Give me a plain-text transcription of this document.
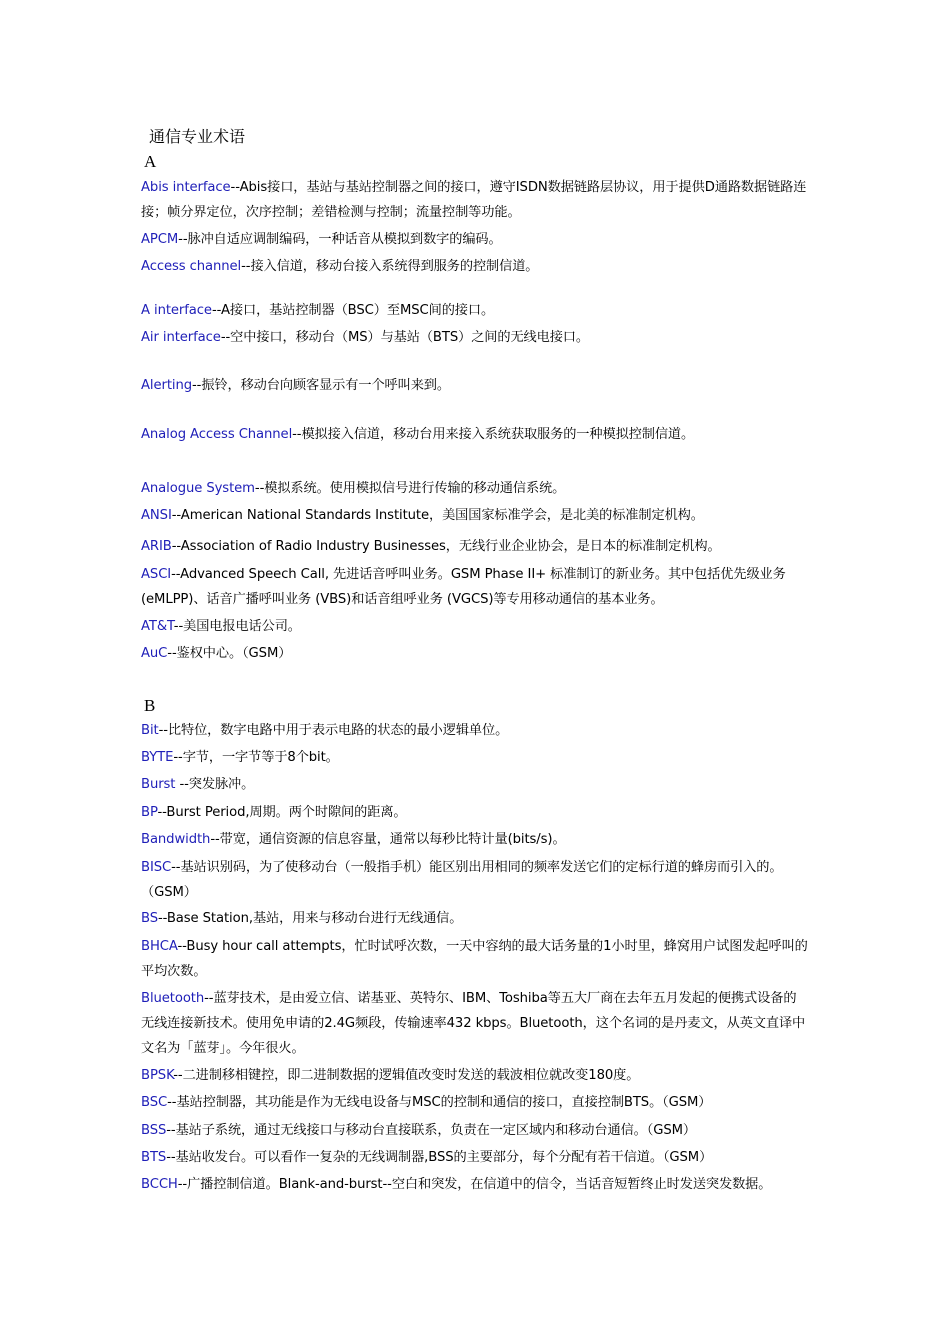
通信专业术语
A
Abis interface--Abis接口，基站与基站控制器之间的接口，遵守ISDN数据链路层协议，用于提供D通路数据链路连接；帧分界定位，次序控制；差错检测与控制；流量控制等功能。
APCM--脉冲自适应调制编码，一种话音从模拟到数字的编码。
Access channel--接入信道，移动台接入系统得到服务的控制信道。
A interface--A接口，基站控制器（BSC）至MSC间的接口。
Air interface--空中接口，移动台（MS）与基站（BTS）之间的无线电接口。
Alerting--振铃，移动台向顾客显示有一个呼叫来到。
Analog Access Channel--模拟接入信道，移动台用来接入系统获取服务的一种模拟控制信道。
Analogue System--模拟系统。使用模拟信号进行传输的移动通信系统。
ANSI--American National Standards Institute，美国国家标准学会，是北美的标准制定机构。
ARIB--Association of Radio Industry Businesses，无线行业企业协会，是日本的标准制定机构。
ASCI--Advanced Speech Call, 先进话音呼叫业务。GSM Phase II+ 标准制订的新业务。其中包括优先级业务 (eMLPP)、话音广播呼叫业务 (VBS)和话音组呼业务 (VGCS)等专用移动通信的基本业务。
AT&T--美国电报电话公司。
AuC--鉴权中心。（GSM）
B
Bit--比特位，数字电路中用于表示电路的状态的最小逻辑单位。
BYTE--字节，一字节等于8个bit。
Burst --突发脉冲。
BP--Burst Period,周期。两个时隙间的距离。
Bandwidth--带宽，通信资源的信息容量，通常以每秒比特计量(bits/s)。
BISC--基站识别码，为了使移动台（一般指手机）能区别出用相同的频率发送它们的定标行道的蜂房而引入的。（GSM）
BS--Base Station,基站，用来与移动台进行无线通信。
BHCA--Busy hour call attempts，忙时试呼次数，一天中容纳的最大话务量的1小时里，蜂窝用户试图发起呼叫的平均次数。
Bluetooth--蓝芽技术，是由爱立信、诺基亚、英特尔、IBM、Toshiba等五大厂商在去年五月发起的便携式设备的无线连接新技术。使用免申请的2.4G频段，传输速率432 kbps。Bluetooth，这个名词的是丹麦文，从英文直译中文名为「蓝芽」。今年很火。
BPSK--二进制移相键控，即二进制数据的逻辑值改变时发送的载波相位就改变180度。
BSC--基站控制器，其功能是作为无线电设备与MSC的控制和通信的接口，直接控制BTS。（GSM）
BSS--基站子系统，通过无线接口与移动台直接联系，负责在一定区域内和移动台通信。（GSM）
BTS--基站收发台。可以看作一复杂的无线调制器,BSS的主要部分，每个分配有若干信道。（GSM）
BCCH--广播控制信道。Blank-and-burst--空白和突发，在信道中的信令，当话音短暂终止时发送突发数据。
